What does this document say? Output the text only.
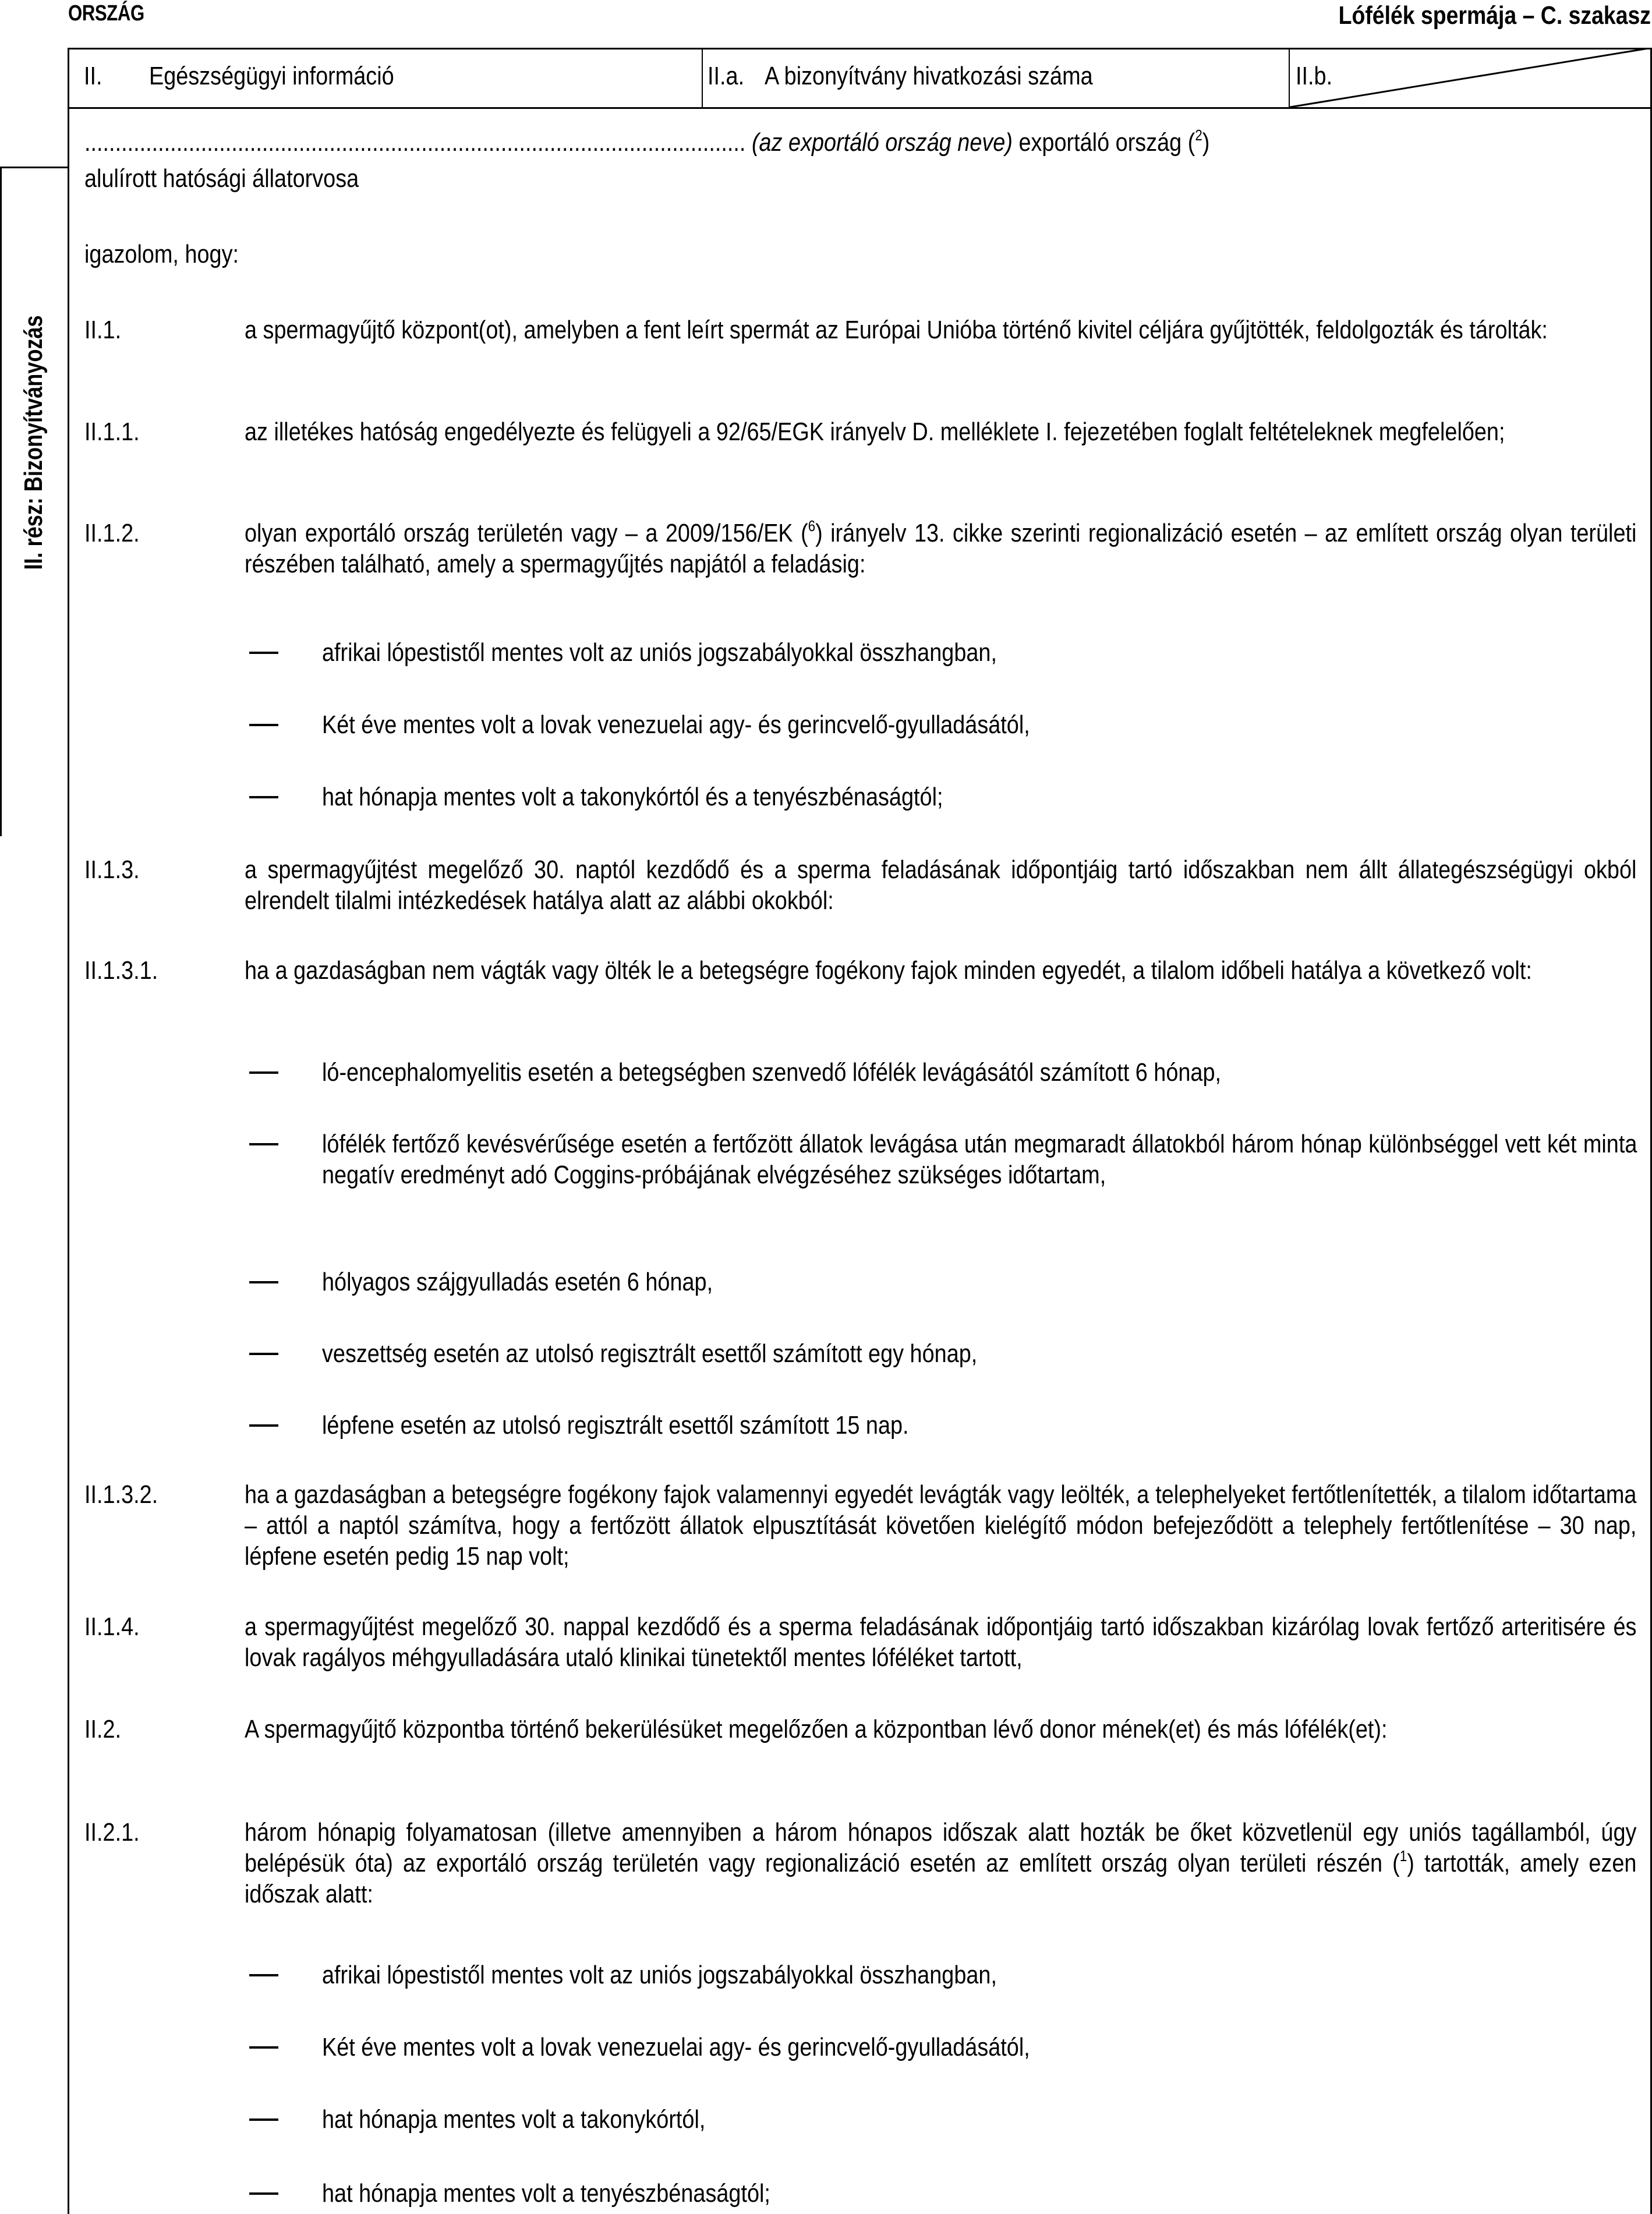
ORSZÁG	Lófélék spermája – C. szakasz
II. Egészségügyi információ	II.a. A bizonyítvány hivatkozási száma	II.b.
II. rész: Bizonyítványozás
............................................................................................................ (az exportáló ország neve) exportáló ország ($^2$)
alulírott hatósági állatorvosa
igazolom, hogy:
II.1.	a spermagyűjtő központ(ot), amelyben a fent leírt spermát az Európai Unióba történő kivitel céljára gyűjtötték, feldolgozták és tárolták:
II.1.1.	az illetékes hatóság engedélyezte és felügyeli a 92/65/EGK irányelv D. melléklete I. fejezetében foglalt feltételeknek megfelelően;
II.1.2.	olyan exportáló ország területén vagy – a 2009/156/EK ($^6$) irányelv 13. cikke szerinti regionalizáció esetén – az említett ország olyan területi részében található, amely a spermagyűjtés napjától a feladásig:
afrikai lópestistől mentes volt az uniós jogszabályokkal összhangban,
Két éve mentes volt a lovak venezuelai agy- és gerincvelő-gyulladásától,
hat hónapja mentes volt a takonykórtól és a tenyészbénaságtól;
II.1.3.	a spermagyűjtést megelőző 30. naptól kezdődő és a sperma feladásának időpontjáig tartó időszakban nem állt állategészségügyi okból elrendelt tilalmi intézkedések hatálya alatt az alábbi okokból:
II.1.3.1.	ha a gazdaságban nem vágták vagy ölték le a betegségre fogékony fajok minden egyedét, a tilalom időbeli hatálya a következő volt:
ló-encephalomyelitis esetén a betegségben szenvedő lófélék levágásától számított 6 hónap,
lófélék fertőző kevésvérűsége esetén a fertőzött állatok levágása után megmaradt állatokból három hónap különbséggel vett két minta negatív eredményt adó Coggins-próbájának elvégzéséhez szükséges időtartam,
hólyagos szájgyulladás esetén 6 hónap,
veszettség esetén az utolsó regisztrált esettől számított egy hónap,
lépfene esetén az utolsó regisztrált esettől számított 15 nap.
II.1.3.2.	ha a gazdaságban a betegségre fogékony fajok valamennyi egyedét levágták vagy leölték, a telephelyeket fertőtlenítették, a tilalom időtartama – attól a naptól számítva, hogy a fertőzött állatok elpusztítását követően kielégítő módon befejeződött a telephely fertőtlenítése – 30 nap, lépfene esetén pedig 15 nap volt;
II.1.4.	a spermagyűjtést megelőző 30. nappal kezdődő és a sperma feladásának időpontjáig tartó időszakban kizárólag lovak fertőző arteritisére és lovak ragályos méhgyulladására utaló klinikai tünetektől mentes lóféléket tartott,
II.2.	A spermagyűjtő központba történő bekerülésüket megelőzően a központban lévő donor mének(et) és más lófélék(et):
II.2.1.	három hónapig folyamatosan (illetve amennyiben a három hónapos időszak alatt hozták be őket közvetlenül egy uniós tagállamból, úgy belépésük óta) az exportáló ország területén vagy regionalizáció esetén az említett ország olyan területi részén ($^1$) tartották, amely ezen időszak alatt:
afrikai lópestistől mentes volt az uniós jogszabályokkal összhangban,
Két éve mentes volt a lovak venezuelai agy- és gerincvelő-gyulladásától,
hat hónapja mentes volt a takonykórtól,
hat hónapja mentes volt a tenyészbénaságtól;
